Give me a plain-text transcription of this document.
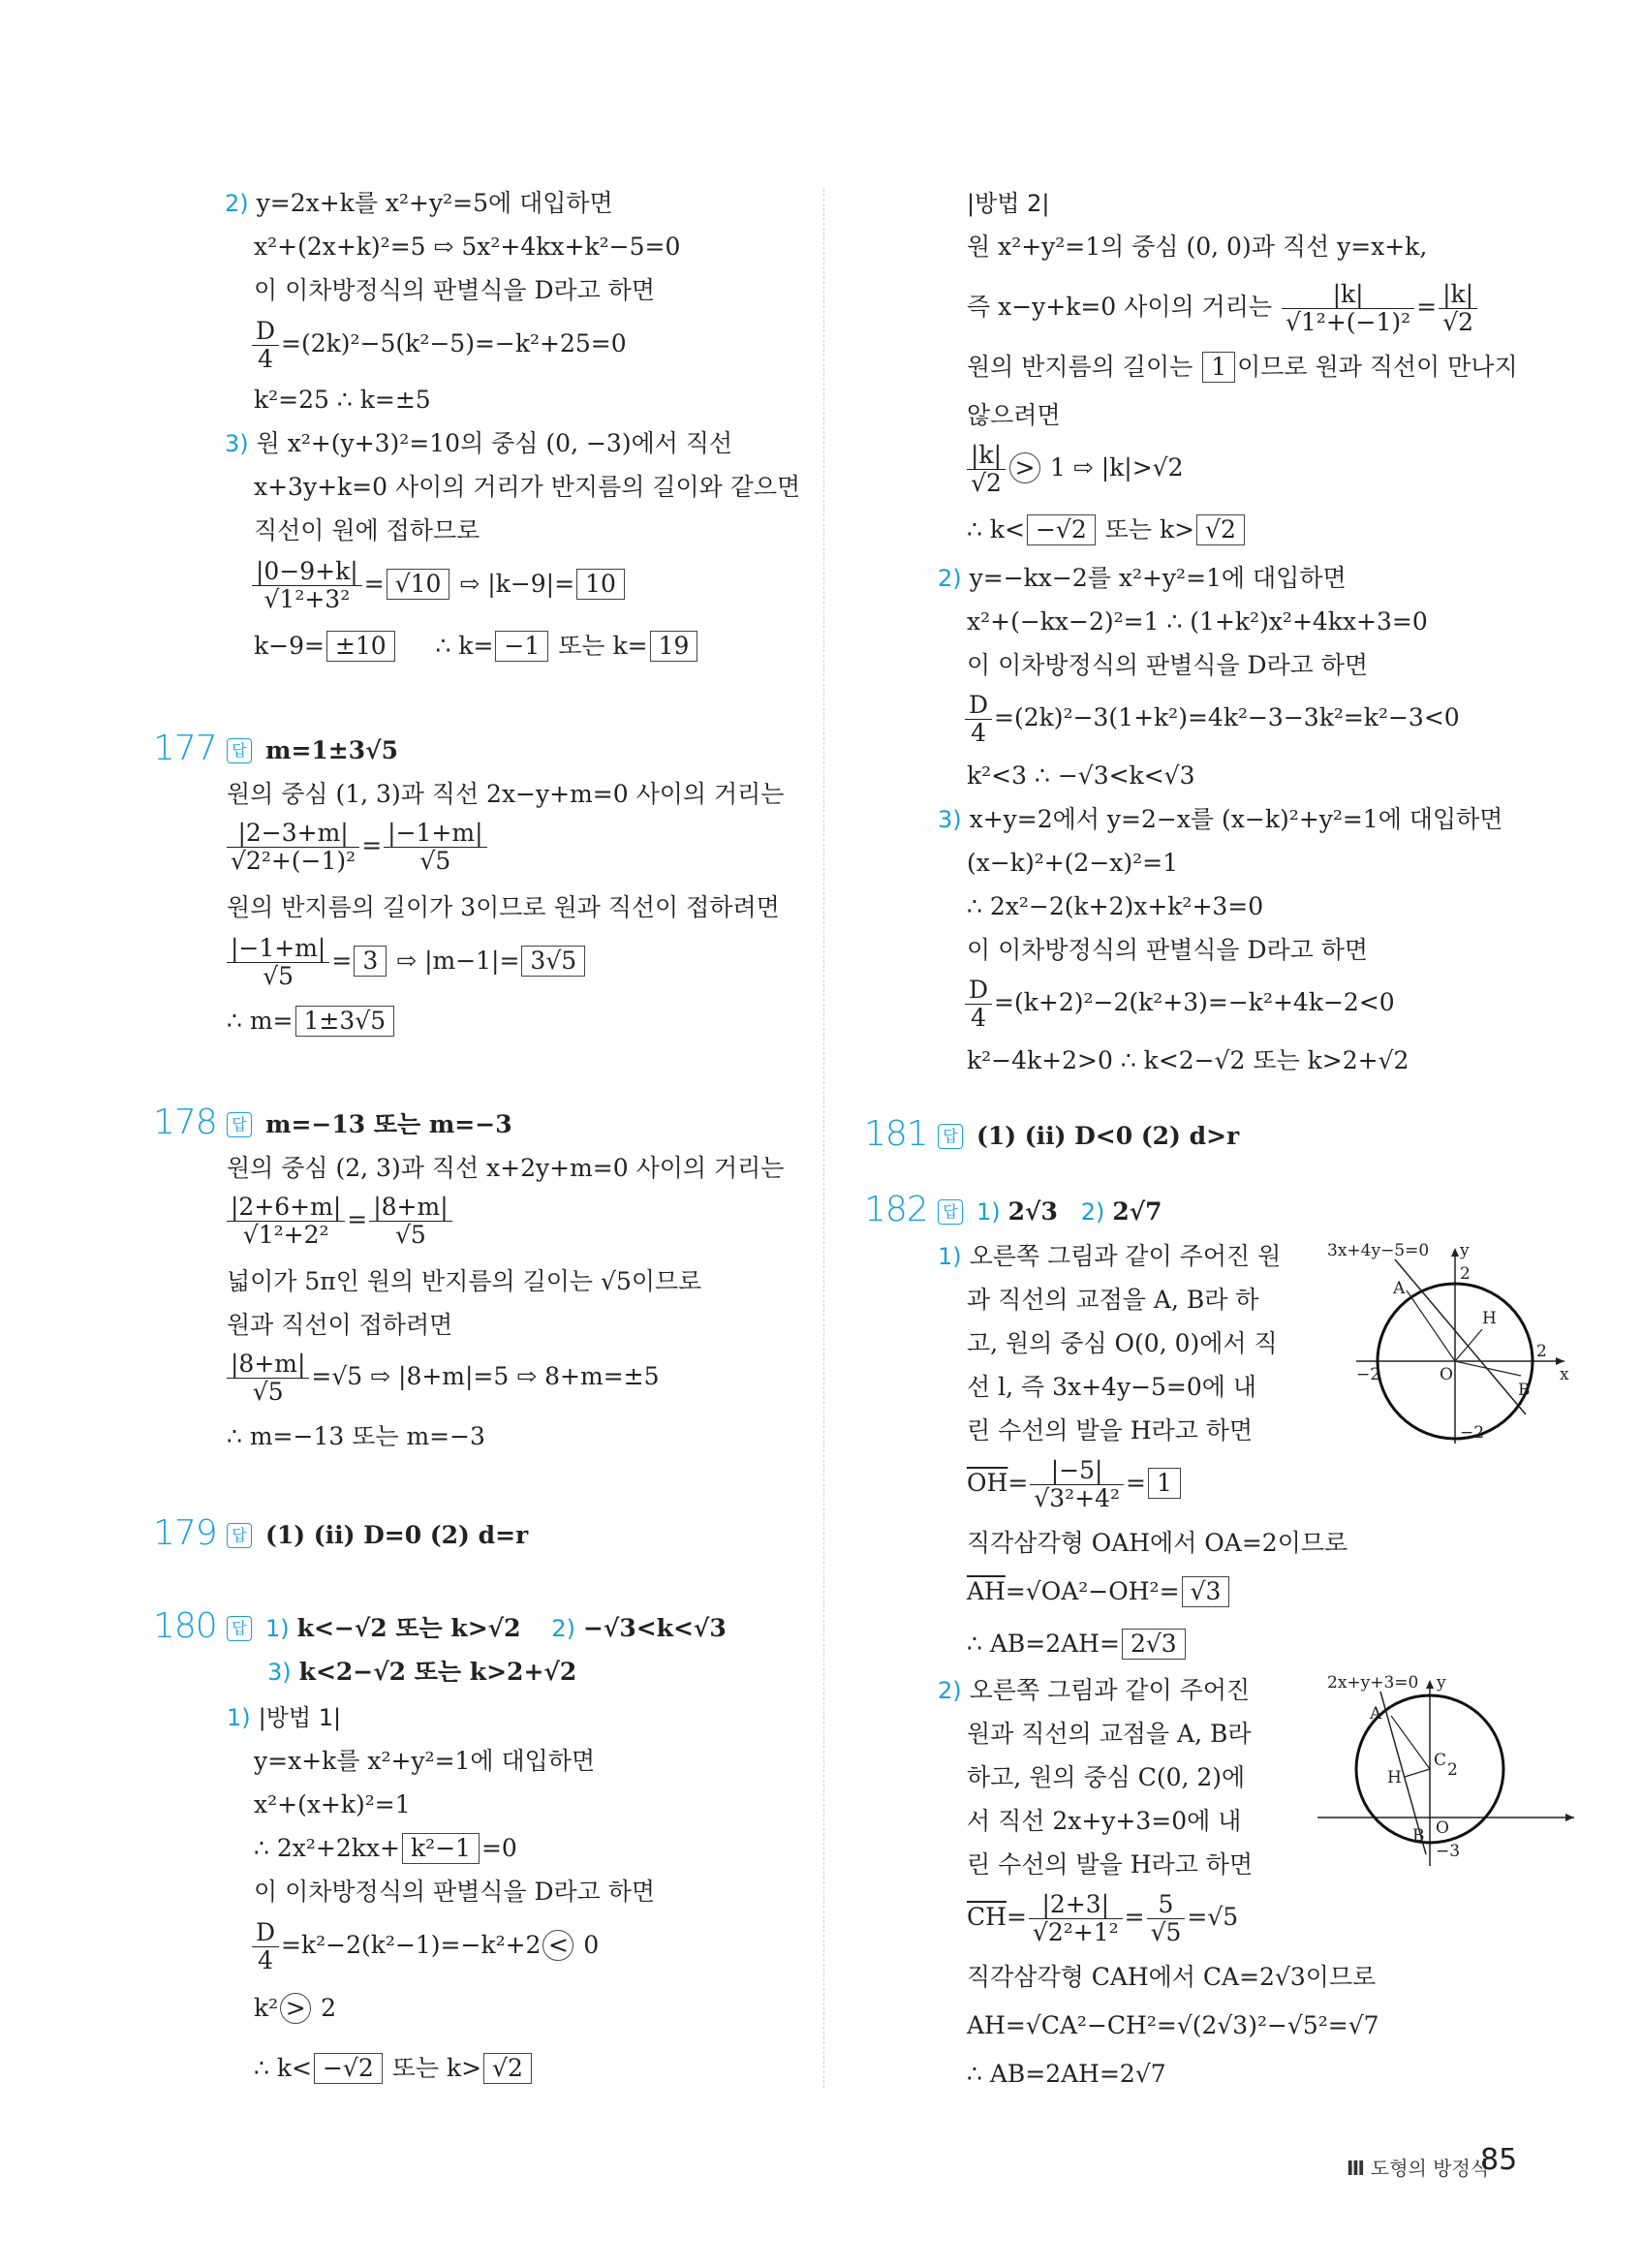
2) y=2x+k를 x²+y²=5에 대입하면
x²+(2x+k)²=5 ⇨ 5x²+4kx+k²−5=0
이 이차방정식의 판별식을 D라고 하면
$\frac{D}{4} =(2k)^2-5(k^2-5)=-k^2+25=0$
k²=25 ∴ k=±5
3) 원 x²+(y+3)²=10의 중심 (0, −3)에서 직선
x+3y+k=0 사이의 거리가 반지름의 길이와 같으면
직선이 원에 접하므로
$\frac{|0-9+k|}{\text{√1²+3²}} = √10$ ⇨ |k−9|= 10
k−9= ±10 ∴ k= −1 또는 k= 19
177 답 m=1±3√5
원의 중심 (1, 3)과 직선 2x−y+m=0 사이의 거리는
$\frac{|2-3+m|}{\text{√2²+(−1)²}} = \frac{|-1+m|}{√5}$
원의 반지름의 길이가 3이므로 원과 직선이 접하려면
$\frac{|-1+m|}{√5} = 3$ ⇨ |m−1|= 3√5
∴ m= 1±3√5
178 답 m=−13 또는 m=−3
원의 중심 (2, 3)과 직선 x+2y+m=0 사이의 거리는
$\frac{|2+6+m|}{\text{√1²+2²}} = \frac{|8+m|}{√5}$
넓이가 5π인 원의 반지름의 길이는 √5이므로
원과 직선이 접하려면
$\frac{|8+m|}{√5} =√5$ ⇨ |8+m|=5 ⇨ 8+m=±5
∴ m=−13 또는 m=−3
179 답 (1) (ii) D=0 (2) d=r
180 답 1) k<−√2 또는 k>√2 2) −√3<k<√3
3) k<2−√2 또는 k>2+√2
1) |방법 1|
y=x+k를 x²+y²=1에 대입하면
x²+(x+k)²=1
∴ 2x²+2kx+ k²−1 =0
이 이차방정식의 판별식을 D라고 하면
$\frac{D}{4} =k^2-2(k^2-1)=-k^2+2 < 0$
k² > 2
∴ k< −√2 또는 k> √2
|방법 2|
원 x²+y²=1의 중심 (0, 0)과 직선 y=x+k,
즉 x−y+k=0 사이의 거리는 $\frac{|k|}{\text{√1²+(−1)²}} = \frac{|k|}{√2}$
원의 반지름의 길이는 1 이므로 원과 직선이 만나지
않으려면
$\frac{|k|}{√2} > 1$ ⇨ |k|>√2
∴ k< −√2 또는 k> √2
2) y=−kx−2를 x²+y²=1에 대입하면
x²+(−kx−2)²=1 ∴ (1+k²)x²+4kx+3=0
이 이차방정식의 판별식을 D라고 하면
$\frac{D}{4} =(2k)^2-3(1+k^2)=4k^2-3-3k^2=k^2-3<0$
k²<3 ∴ −√3<k<√3
3) x+y=2에서 y=2−x를 (x−k)²+y²=1에 대입하면
(x−k)²+(2−x)²=1
∴ 2x²−2(k+2)x+k²+3=0
이 이차방정식의 판별식을 D라고 하면
$\frac{D}{4} =(k+2)^2-2(k^2+3)=-k^2+4k-2<0$
k²−4k+2>0 ∴ k<2−√2 또는 k>2+√2
181 답 (1) (ii) D<0 (2) d>r
182 답 1) 2√3 2) 2√7
1) 오른쪽 그림과 같이 주어진 원
과 직선의 교점을 A, B라 하
고, 원의 중심 O(0, 0)에서 직
선 l, 즉 3x+4y−5=0에 내
린 수선의 발을 H라고 하면
$\overline{OH}= \frac{|-5|}{\text{√3²+4²}} = 1$
직각삼각형 OAH에서 OA=2이므로
$\overline{AH}=√OA^2-OH^2= √3$
∴ AB=2AH= 2√3
3x+4y−5=0 y
x
A
B
H
O
2
−2
2
−2
2) 오른쪽 그림과 같이 주어진
원과 직선의 교점을 A, B라
하고, 원의 중심 C(0, 2)에
서 직선 2x+y+3=0에 내
린 수선의 발을 H라고 하면
$\overline{CH}= \frac{|2+3|}{\text{√2²+1²}} = \frac{5}{√5} =√5$
직각삼각형 CAH에서 CA=2√3이므로
AH=√CA²−CH²=√(2√3)²−√5²=√7
∴ AB=2AH=2√7
2x+y+3=0 y
A
B
C
H
O
2
−3
Ⅲ 도형의 방정식
85
